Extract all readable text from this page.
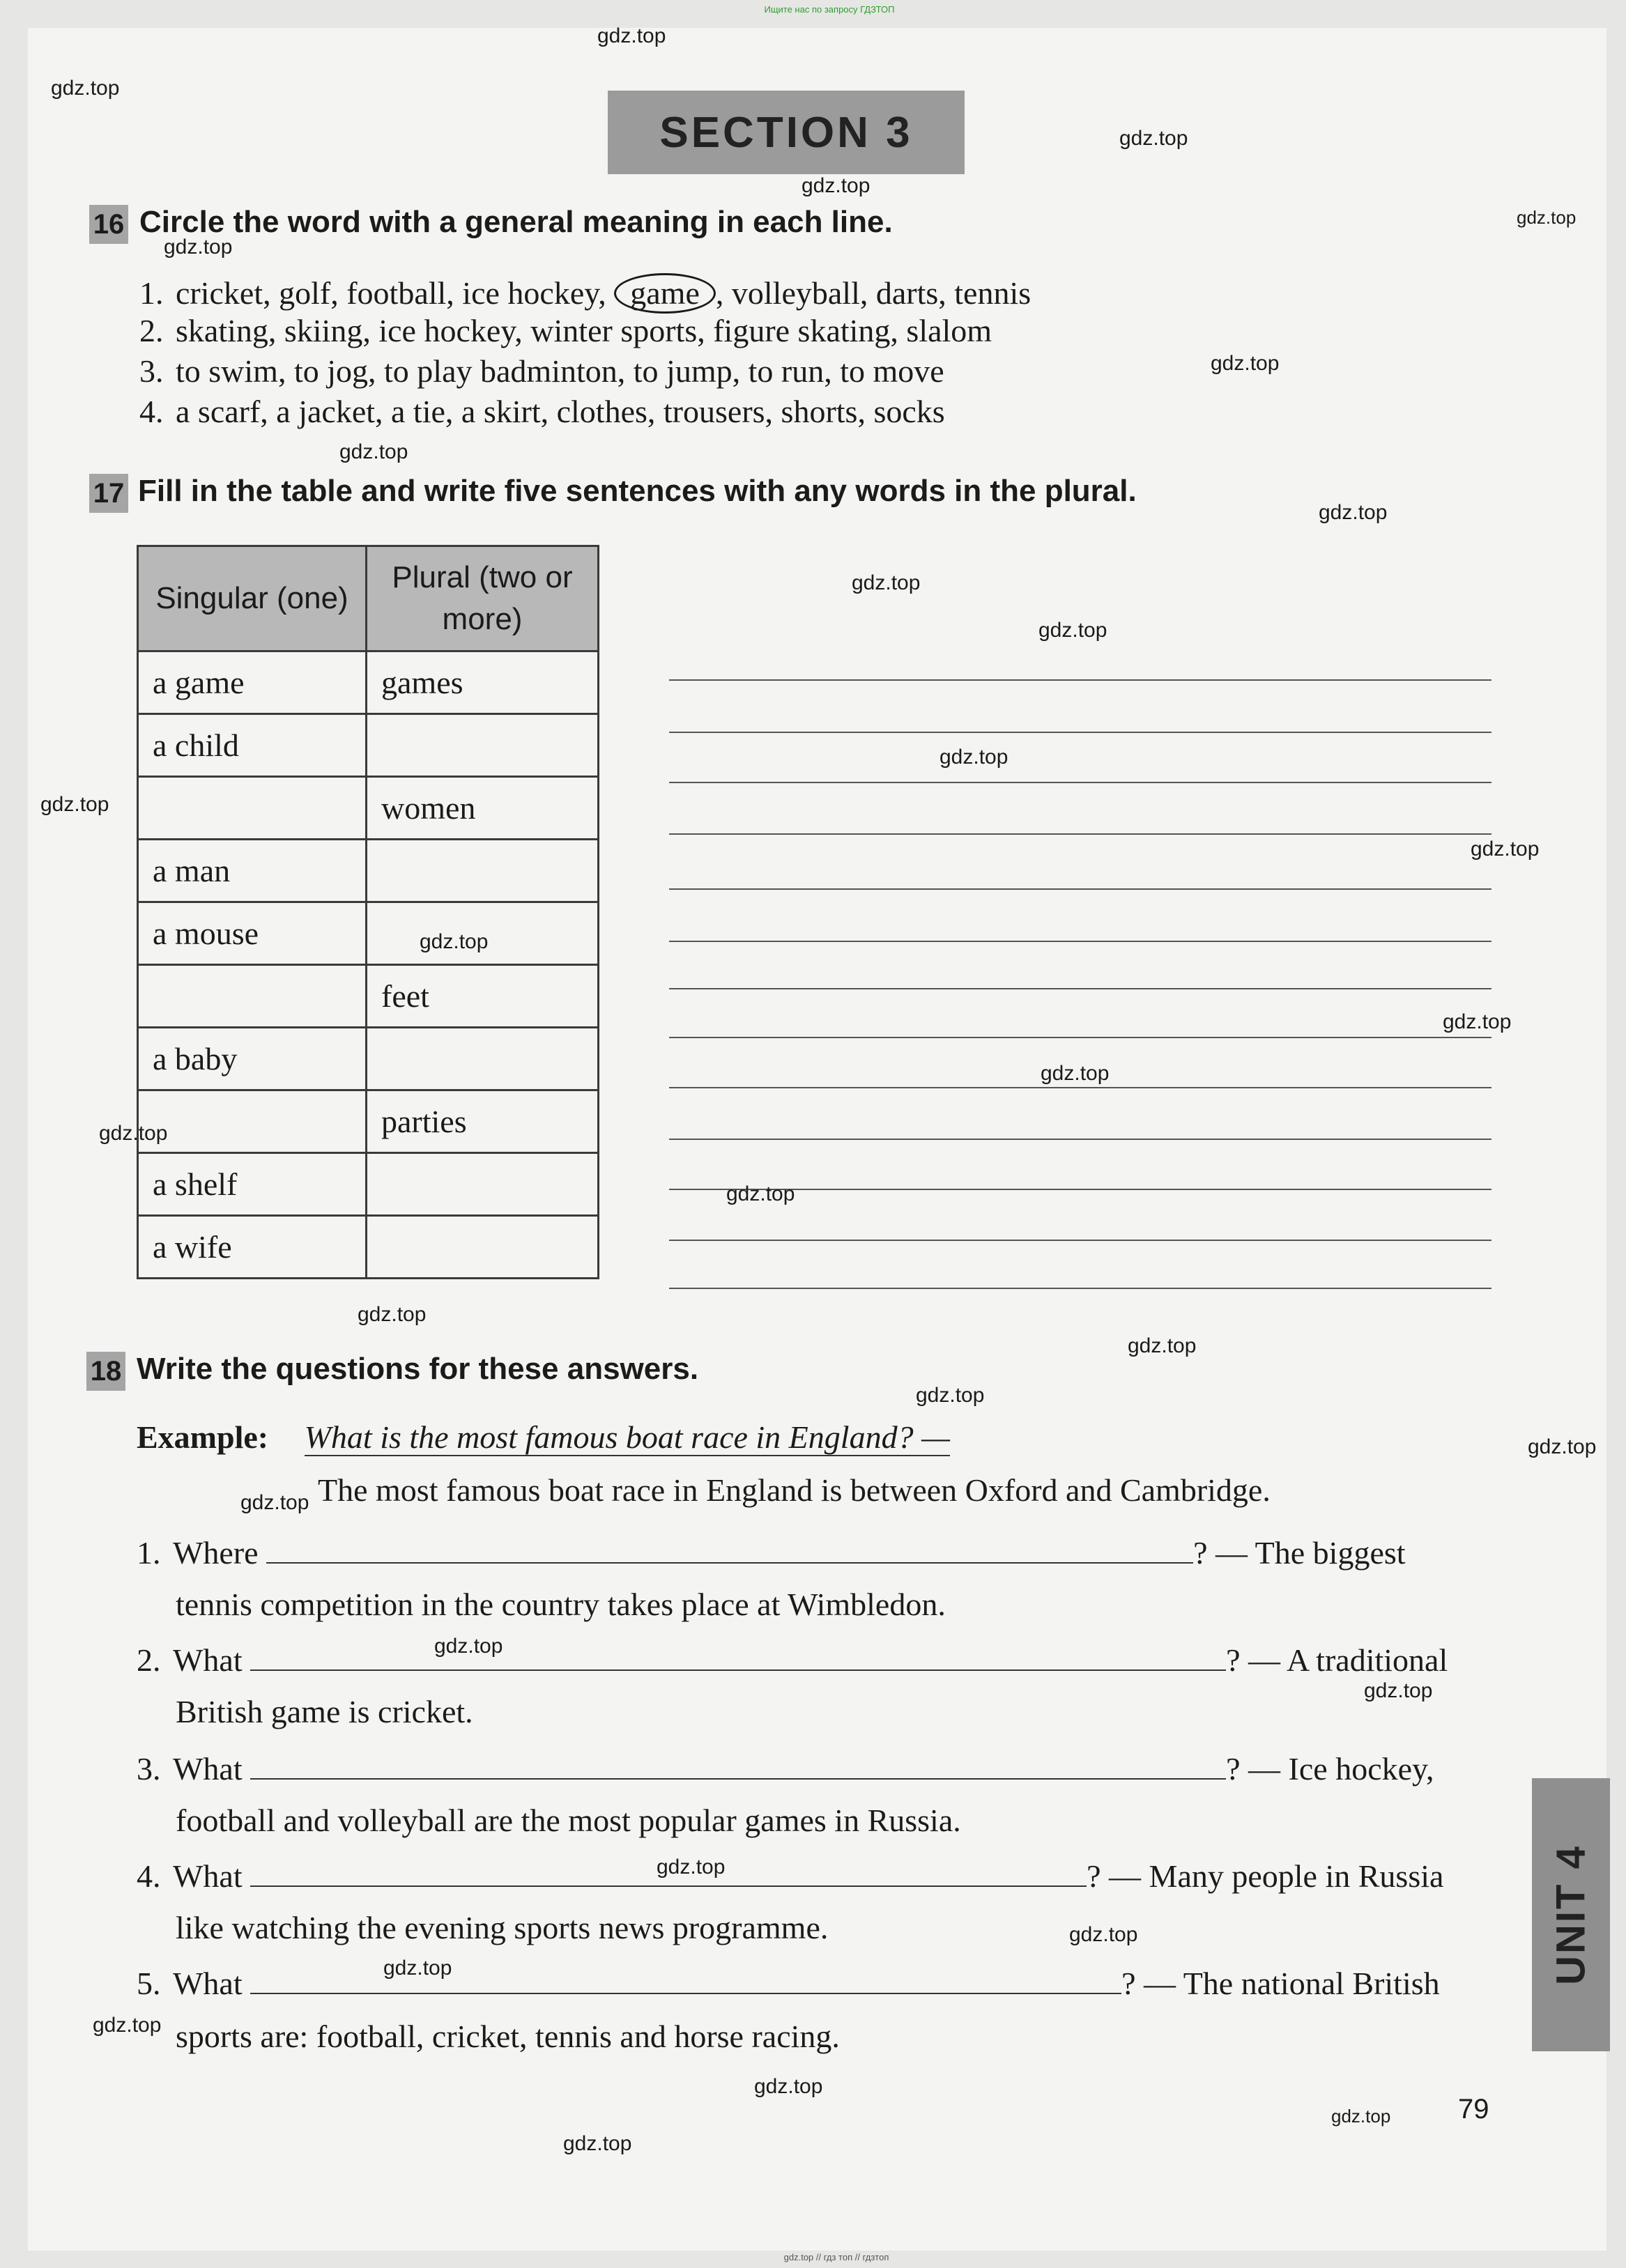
Ищите нас по запросу ГДЗТОП
SECTION 3
16 Circle the word with a general meaning in each line.
1. cricket, golf, football, ice hockey, game , volleyball, darts, tennis
2. skating, skiing, ice hockey, winter sports, figure skating, slalom
3. to swim, to jog, to play badminton, to jump, to run, to move
4. a scarf, a jacket, a tie, a skirt, clothes, trousers, shorts, socks
17 Fill in the table and write five sentences with any words in the plural.
Singular (one)	Plural (two or more)
a game	games
a child	
	women
a man	
a mouse	
	feet
a baby	
	parties
a shelf	
a wife	
18 Write the questions for these answers.
Example: What is the most famous boat race in England? —
The most famous boat race in England is between Oxford and Cambridge.
1. Where	? — The biggest
tennis competition in the country takes place at Wimbledon.
2. What	? — A traditional
British game is cricket.
3. What	? — Ice hockey,
football and volleyball are the most popular games in Russia.
4. What	? — Many people in Russia
like watching the evening sports news programme.
5. What	? — The national British
sports are: football, cricket, tennis and horse racing.
UNIT 4
79
gdz.top
gdz.top
gdz.top
gdz.top
gdz.top
gdz.top
gdz.top
gdz.top
gdz.top
gdz.top
gdz.top
gdz.top
gdz.top
gdz.top
gdz.top
gdz.top
gdz.top
gdz.top
gdz.top
gdz.top
gdz.top
gdz.top
gdz.top
gdz.top
gdz.top
gdz.top
gdz.top
gdz.top
gdz.top
gdz.top
gdz.top
gdz.top
gdz.top
gdz.top // гдз топ // гдзтоп
